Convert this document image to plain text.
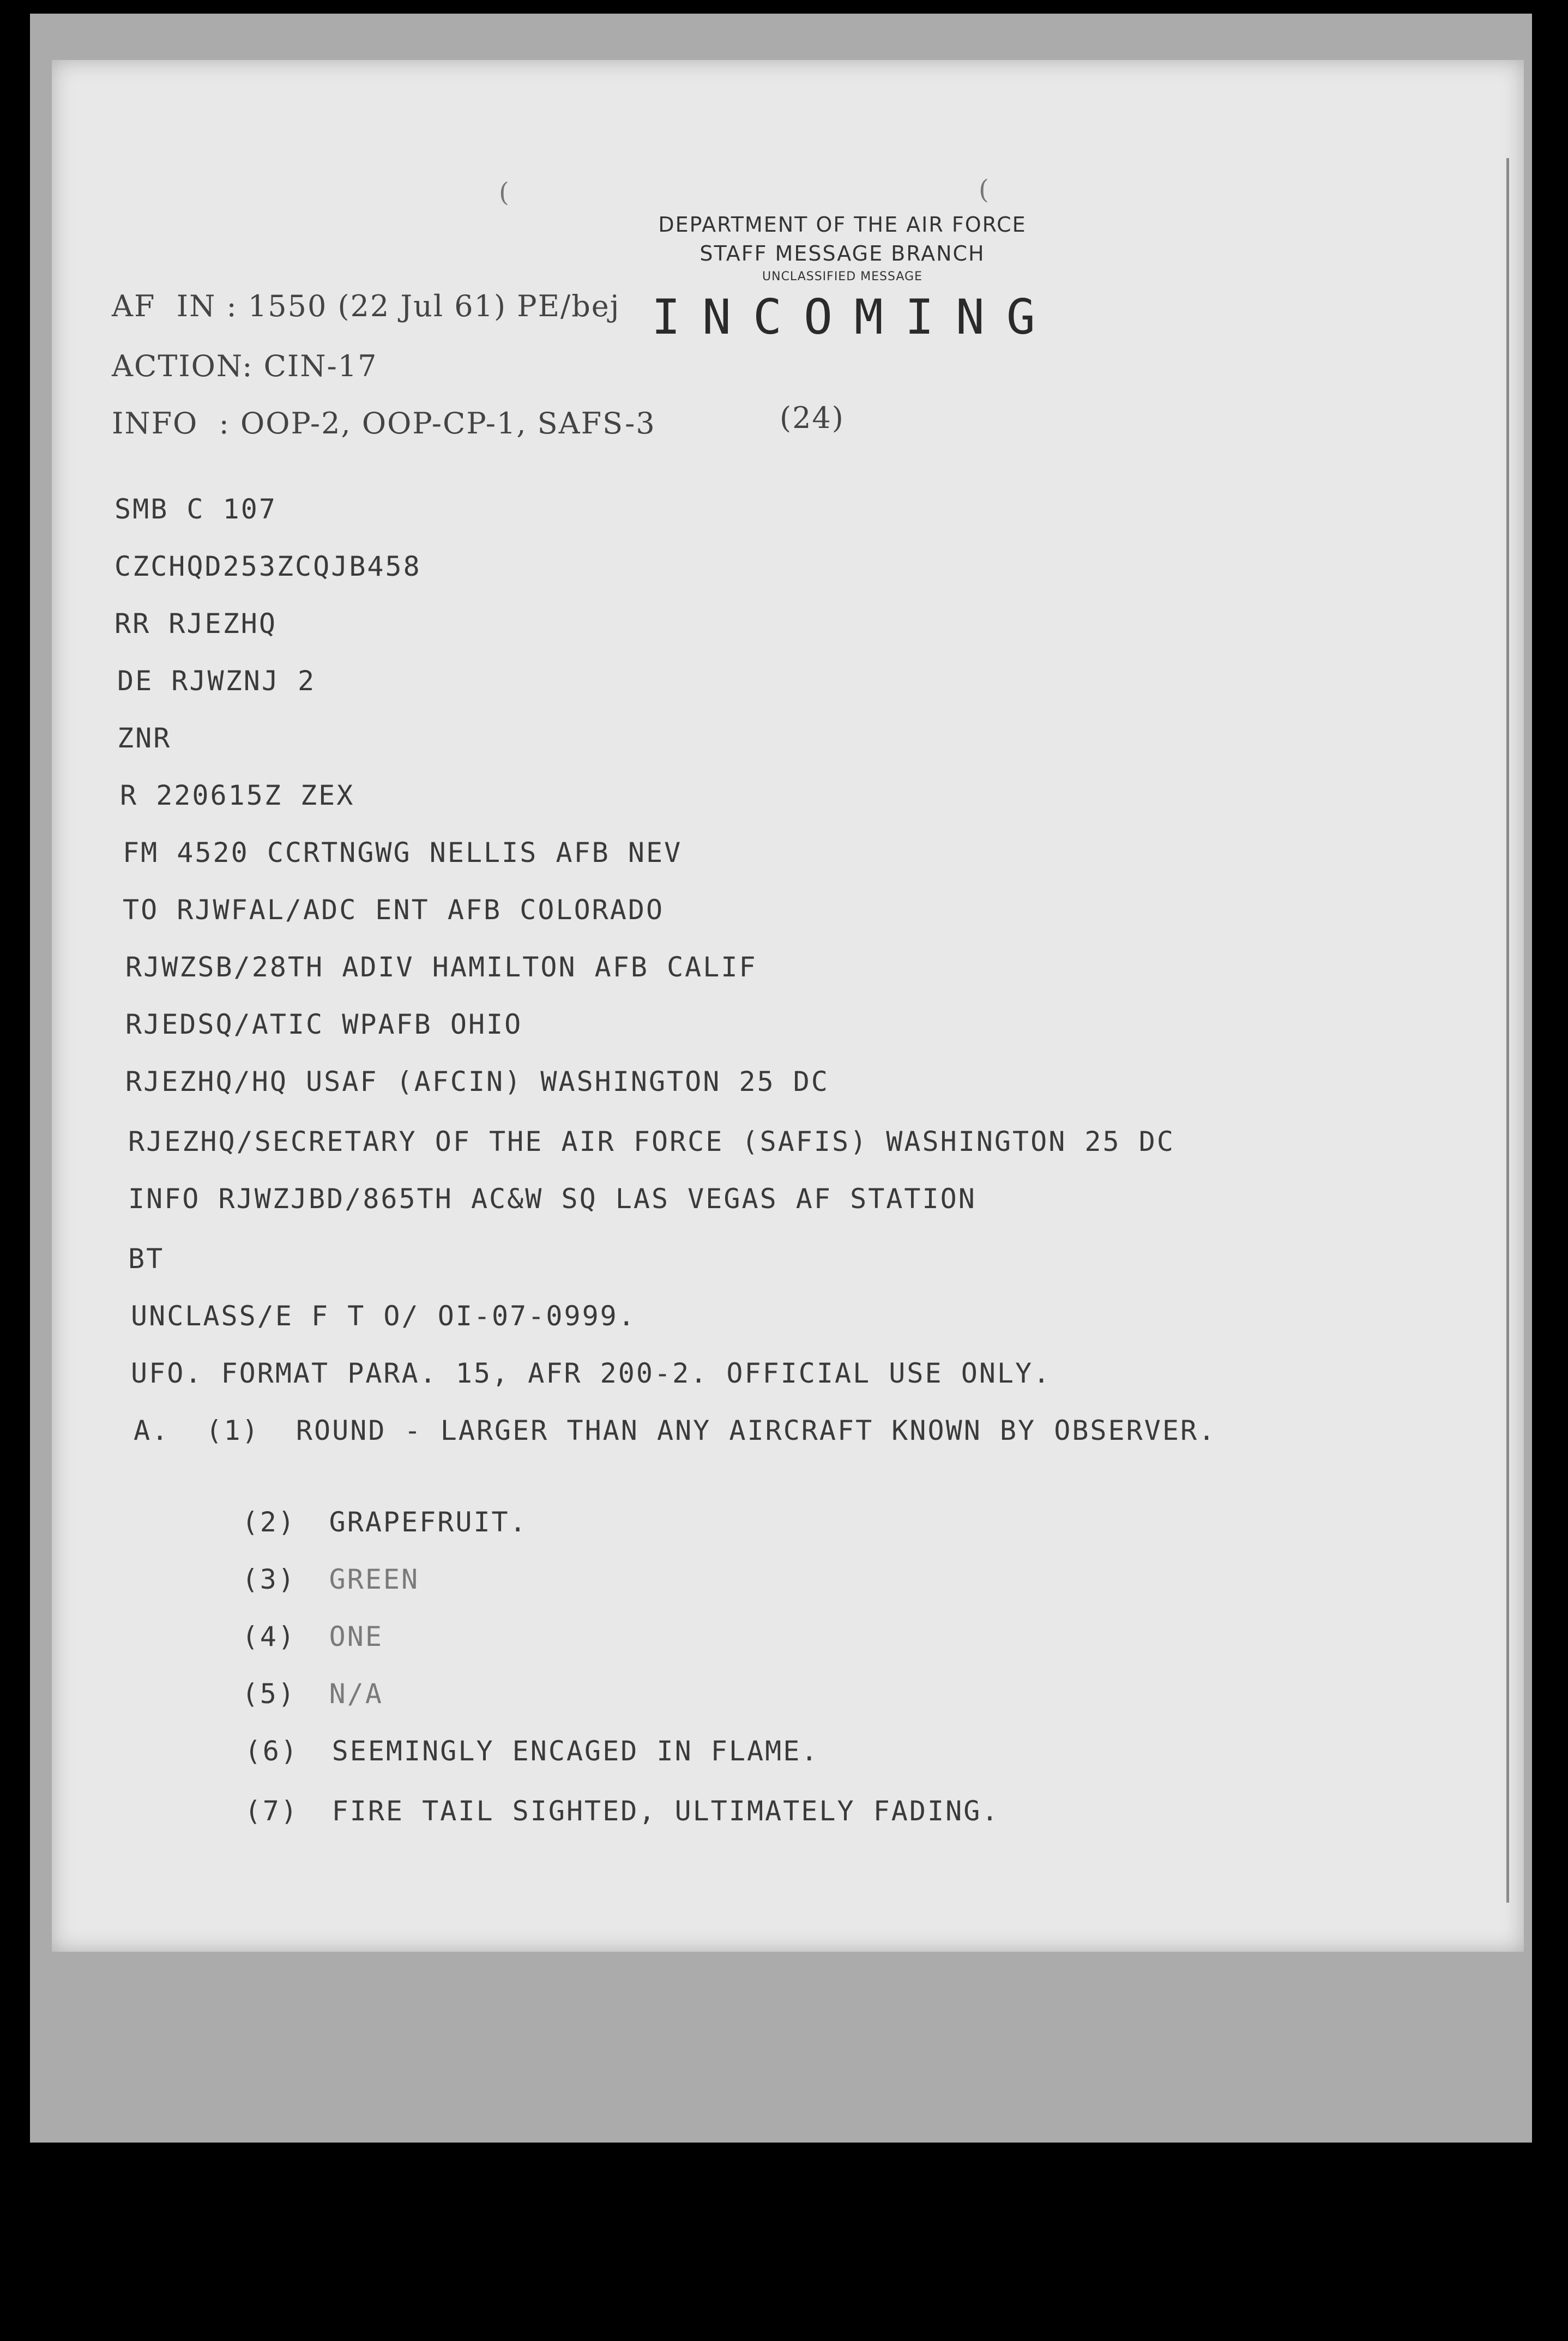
(	(
DEPARTMENT OF THE AIR FORCE
STAFF MESSAGE BRANCH
UNCLASSIFIED MESSAGE
INCOMING
AF  IN : 1550 (22 Jul 61) PE/bej
ACTION: CIN-17
INFO  : OOP-2, OOP-CP-1, SAFS-3	(24)
SMB C 107
CZCHQD253ZCQJB458
RR RJEZHQ
DE RJWZNJ 2
ZNR
R 220615Z ZEX
FM 4520 CCRTNGWG NELLIS AFB NEV
TO RJWFAL/ADC ENT AFB COLORADO
RJWZSB/28TH ADIV HAMILTON AFB CALIF
RJEDSQ/ATIC WPAFB OHIO
RJEZHQ/HQ USAF (AFCIN) WASHINGTON 25 DC
RJEZHQ/SECRETARY OF THE AIR FORCE (SAFIS) WASHINGTON 25 DC
INFO RJWZJBD/865TH AC&W SQ LAS VEGAS AF STATION
BT
UNCLASS/E F T O/ OI-07-0999.
UFO. FORMAT PARA. 15, AFR 200-2. OFFICIAL USE ONLY.
A.  (1)  ROUND - LARGER THAN ANY AIRCRAFT KNOWN BY OBSERVER.

(2) GRAPEFRUIT.

(3) GREEN

(4) ONE

(5) N/A

(6) SEEMINGLY ENCAGED IN FLAME.

(7) FIRE TAIL SIGHTED, ULTIMATELY FADING.
